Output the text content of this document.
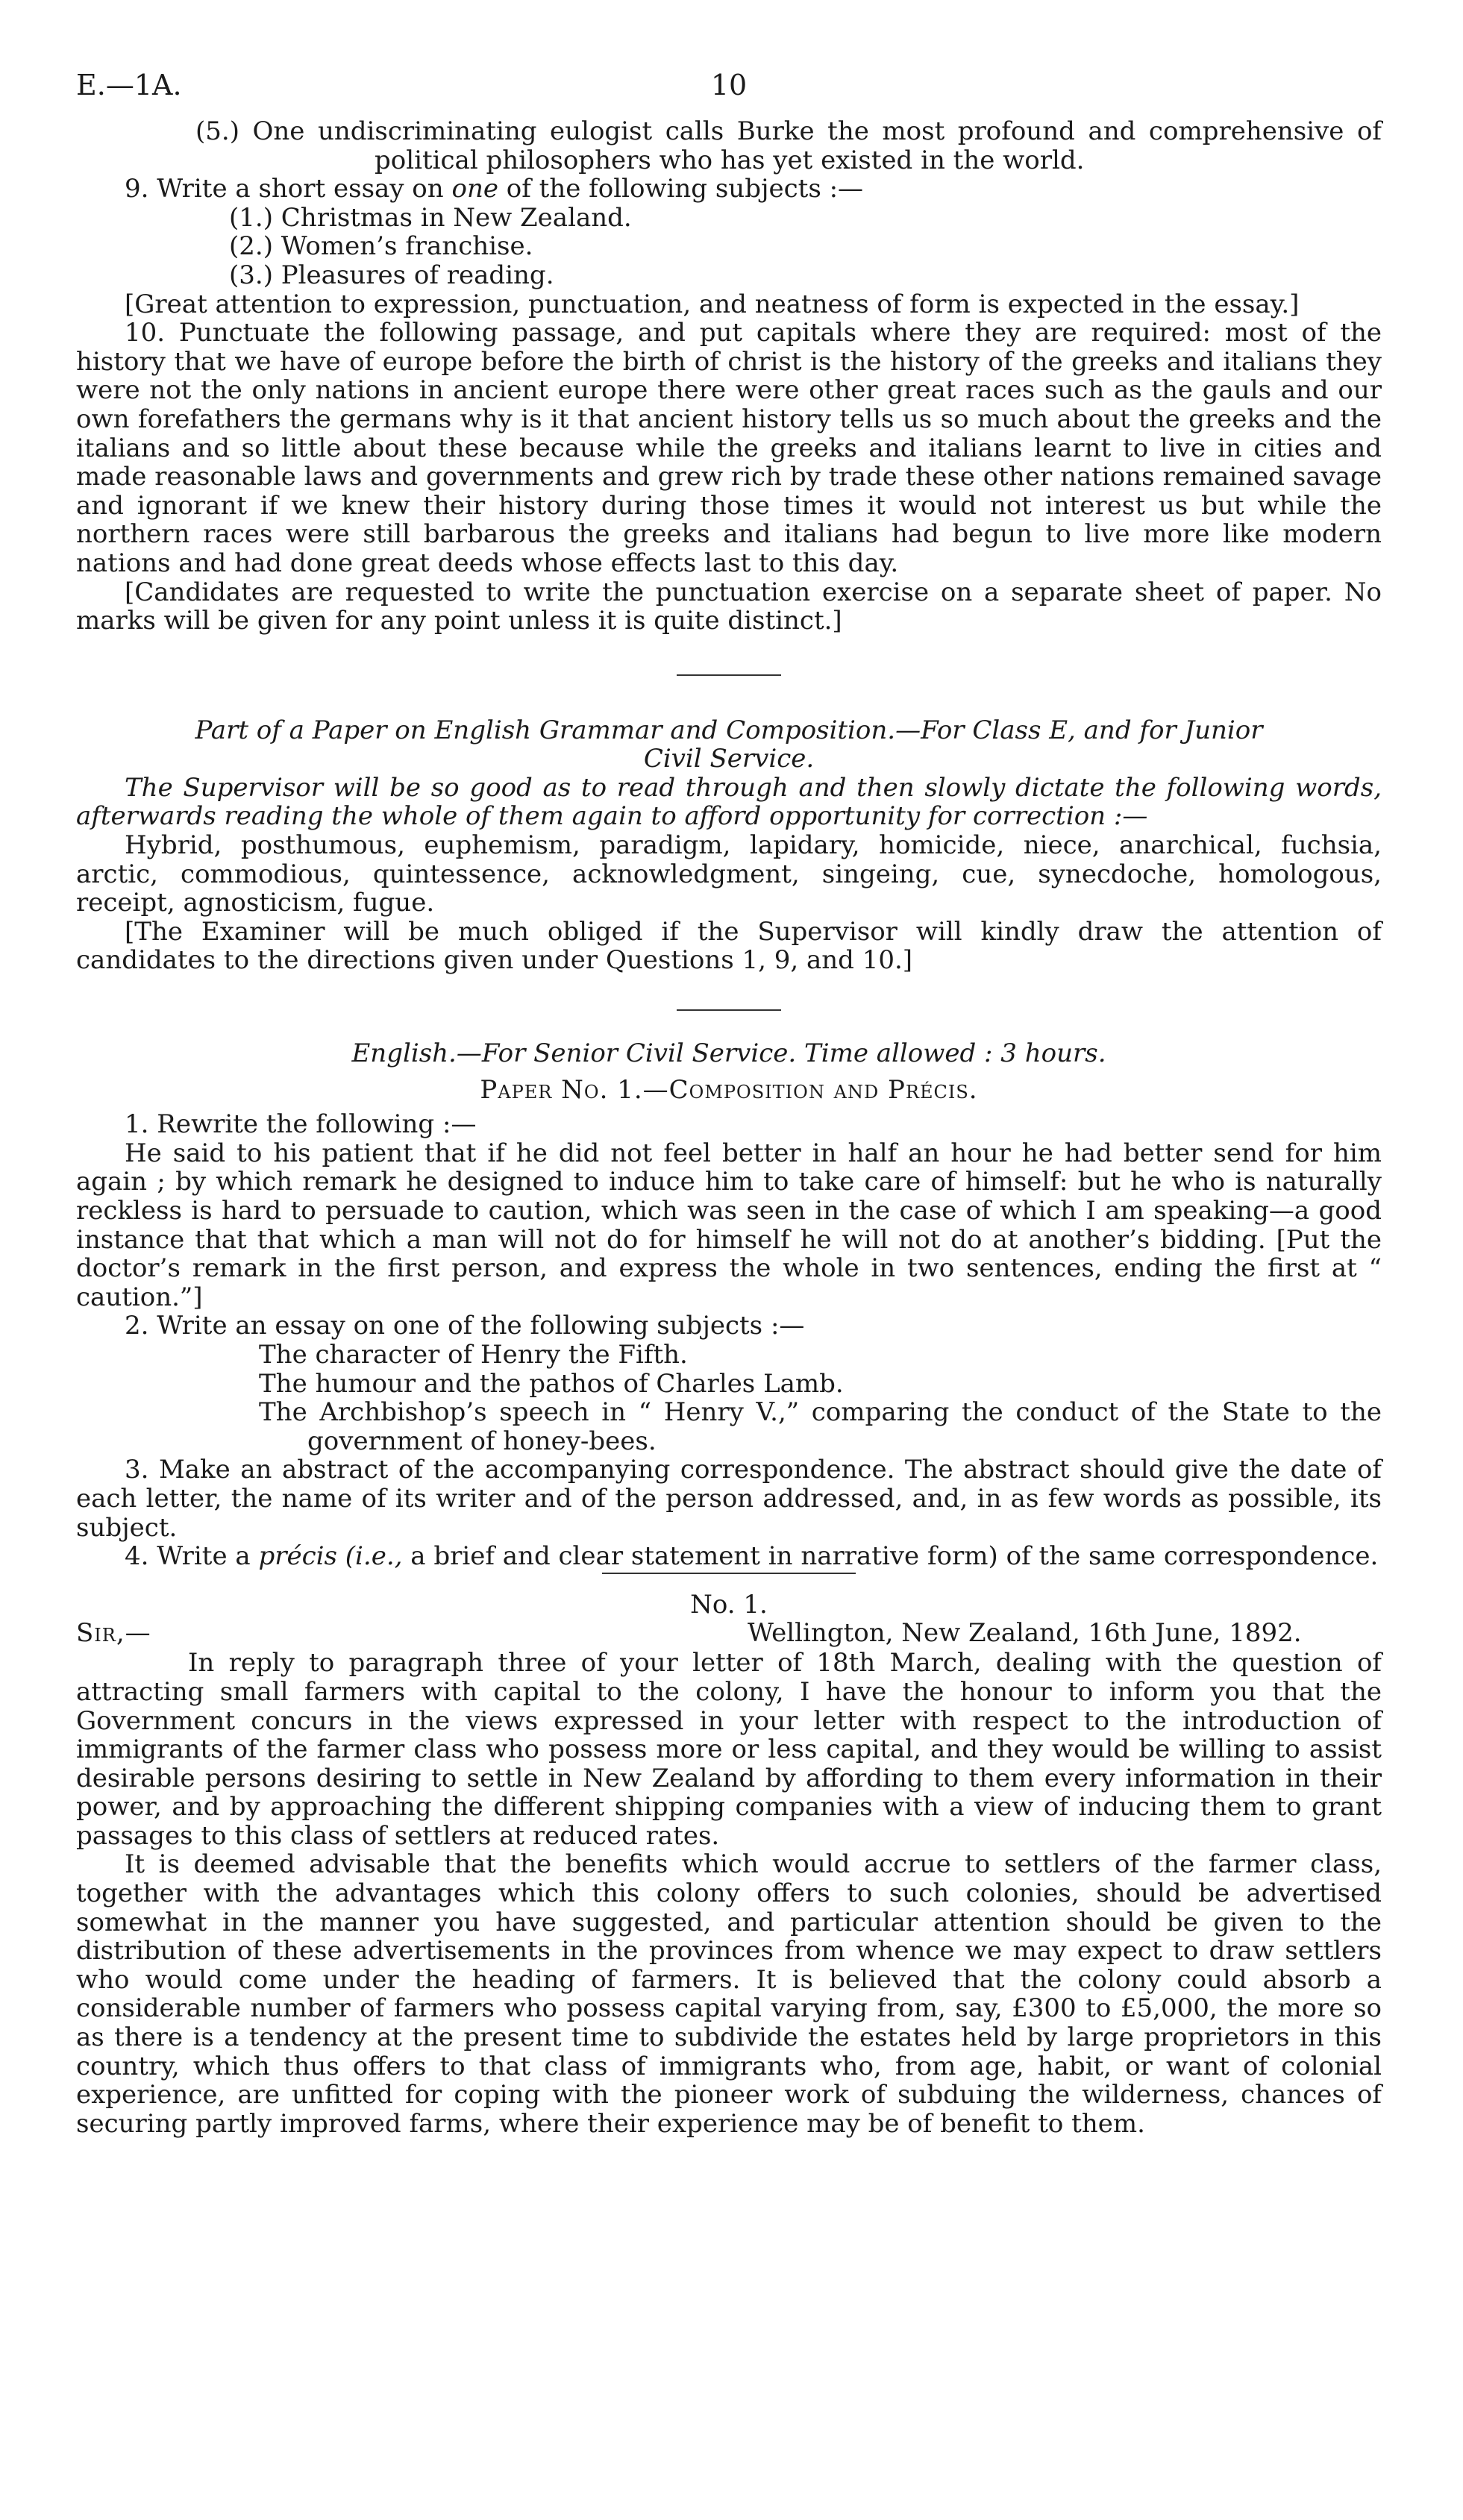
E.—1A.	10

(5.) One undiscriminating eulogist calls Burke the most profound and comprehensive of political philosophers who has yet existed in the world.

9. Write a short essay on one of the following subjects :—

(1.) Christmas in New Zealand.

(2.) Women’s franchise.

(3.) Pleasures of reading.

[Great attention to expression, punctuation, and neatness of form is expected in the essay.]

10. Punctuate the following passage, and put capitals where they are required: most of the history that we have of europe before the birth of christ is the history of the greeks and italians they were not the only nations in ancient europe there were other great races such as the gauls and our own forefathers the germans why is it that ancient history tells us so much about the greeks and the italians and so little about these because while the greeks and italians learnt to live in cities and made reasonable laws and governments and grew rich by trade these other nations remained savage and ignorant if we knew their history during those times it would not interest us but while the northern races were still barbarous the greeks and italians had begun to live more like modern nations and had done great deeds whose effects last to this day.

[Candidates are requested to write the punctuation exercise on a separate sheet of paper. No marks will be given for any point unless it is quite distinct.]

Part of a Paper on English Grammar and Composition.—For Class E, and for Junior Civil Service.

The Supervisor will be so good as to read through and then slowly dictate the following words, afterwards reading the whole of them again to afford opportunity for correction :—

Hybrid, posthumous, euphemism, paradigm, lapidary, homicide, niece, anarchical, fuchsia, arctic, commodious, quintessence, acknowledgment, singeing, cue, synecdoche, homologous, receipt, agnosticism, fugue.

[The Examiner will be much obliged if the Supervisor will kindly draw the attention of candidates to the directions given under Questions 1, 9, and 10.]

English.—For Senior Civil Service. Time allowed : 3 hours.

Paper No. 1.—Composition and Précis.

1. Rewrite the following :—

He said to his patient that if he did not feel better in half an hour he had better send for him again ; by which remark he designed to induce him to take care of himself: but he who is naturally reckless is hard to persuade to caution, which was seen in the case of which I am speaking—a good instance that that which a man will not do for himself he will not do at another’s bidding. [Put the doctor’s remark in the first person, and express the whole in two sentences, ending the first at “ caution.”]

2. Write an essay on one of the following subjects :—

The character of Henry the Fifth.

The humour and the pathos of Charles Lamb.

The Archbishop’s speech in “ Henry V.,” comparing the conduct of the State to the government of honey-bees.

3. Make an abstract of the accompanying correspondence. The abstract should give the date of each letter, the name of its writer and of the person addressed, and, in as few words as possible, its subject.

4. Write a précis (i.e., a brief and clear statement in narrative form) of the same correspondence.

No. 1.

Sir,—	Wellington, New Zealand, 16th June, 1892.

In reply to paragraph three of your letter of 18th March, dealing with the question of attracting small farmers with capital to the colony, I have the honour to inform you that the Government concurs in the views expressed in your letter with respect to the introduction of immigrants of the farmer class who possess more or less capital, and they would be willing to assist desirable persons desiring to settle in New Zealand by affording to them every information in their power, and by approaching the different shipping companies with a view of inducing them to grant passages to this class of settlers at reduced rates.

It is deemed advisable that the benefits which would accrue to settlers of the farmer class, together with the advantages which this colony offers to such colonies, should be advertised somewhat in the manner you have suggested, and particular attention should be given to the distribution of these advertisements in the provinces from whence we may expect to draw settlers who would come under the heading of farmers. It is believed that the colony could absorb a considerable number of farmers who possess capital varying from, say, £300 to £5,000, the more so as there is a tendency at the present time to subdivide the estates held by large proprietors in this country, which thus offers to that class of immigrants who, from age, habit, or want of colonial experience, are unfitted for coping with the pioneer work of subduing the wilderness, chances of securing partly improved farms, where their experience may be of benefit to them.
